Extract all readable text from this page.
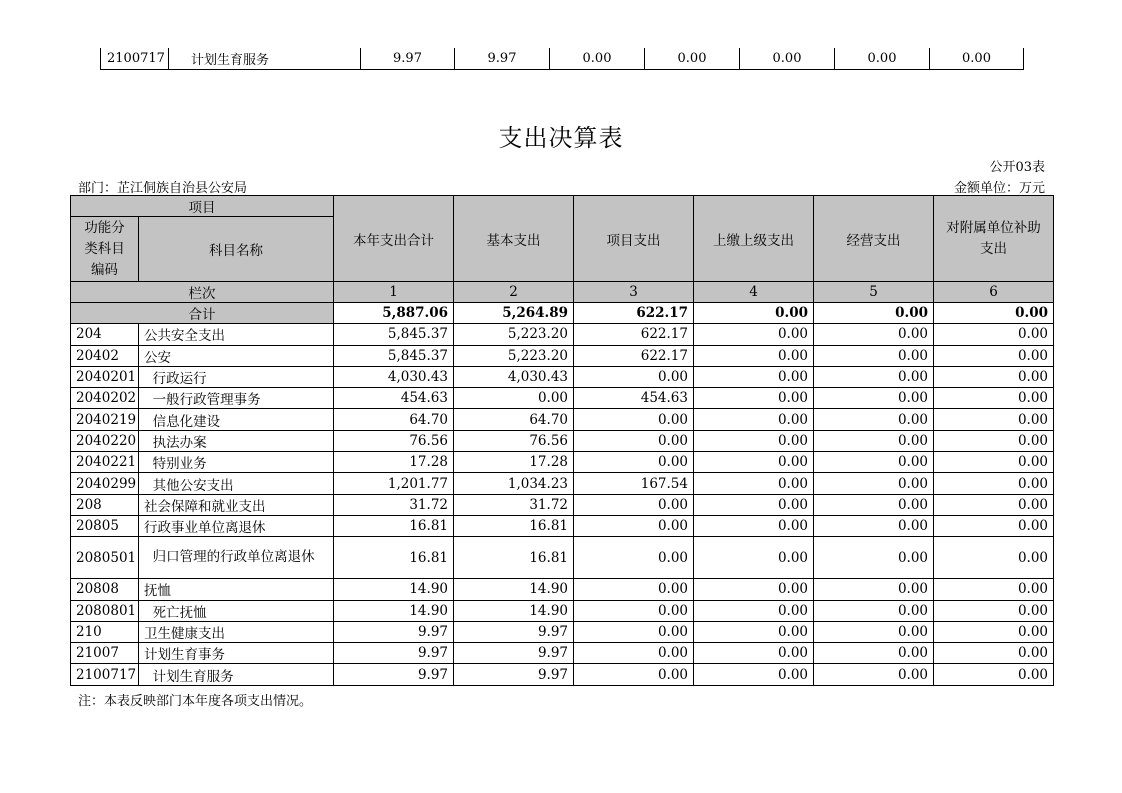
2100717	计划生育服务	9.97	9.97	0.00	0.00	0.00	0.00	0.00
支出决算表
公开03表
部门：芷江侗族自治县公安局	金额单位：万元
项目		本年支出合计	基本支出	项目支出	上缴上级支出	经营支出	对附属单位补助支出
功能分类科目编码	科目名称						
栏次		1	2	3	4	5	6
合计		5,887.06	5,264.89	622.17	0.00	0.00	0.00
204	公共安全支出	5,845.37	5,223.20	622.17	0.00	0.00	0.00
20402	公安	5,845.37	5,223.20	622.17	0.00	0.00	0.00
2040201	行政运行	4,030.43	4,030.43	0.00	0.00	0.00	0.00
2040202	一般行政管理事务	454.63	0.00	454.63	0.00	0.00	0.00
2040219	信息化建设	64.70	64.70	0.00	0.00	0.00	0.00
2040220	执法办案	76.56	76.56	0.00	0.00	0.00	0.00
2040221	特别业务	17.28	17.28	0.00	0.00	0.00	0.00
2040299	其他公安支出	1,201.77	1,034.23	167.54	0.00	0.00	0.00
208	社会保障和就业支出	31.72	31.72	0.00	0.00	0.00	0.00
20805	行政事业单位离退休	16.81	16.81	0.00	0.00	0.00	0.00
2080501	归口管理的行政单位离退休	16.81	16.81	0.00	0.00	0.00	0.00
20808	抚恤	14.90	14.90	0.00	0.00	0.00	0.00
2080801	死亡抚恤	14.90	14.90	0.00	0.00	0.00	0.00
210	卫生健康支出	9.97	9.97	0.00	0.00	0.00	0.00
21007	计划生育事务	9.97	9.97	0.00	0.00	0.00	0.00
2100717	计划生育服务	9.97	9.97	0.00	0.00	0.00	0.00
注：本表反映部门本年度各项支出情况。
